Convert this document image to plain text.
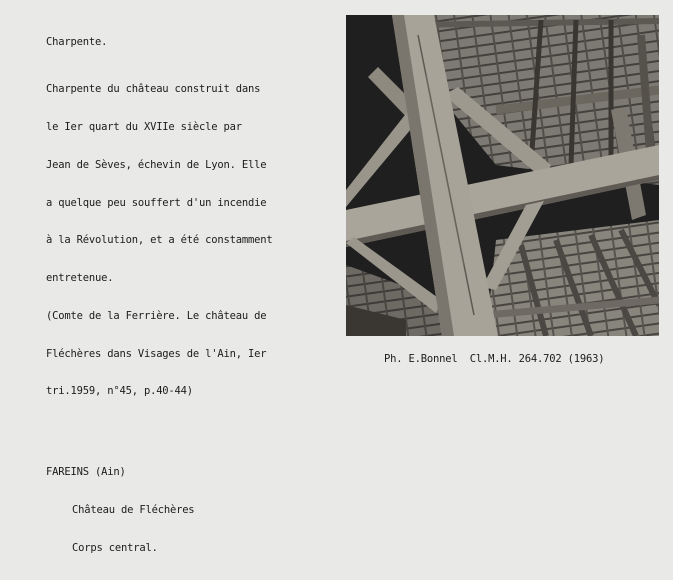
Charpente.

Charpente du château construit dans

le Ier quart du XVIIe siècle par

Jean de Sèves, échevin de Lyon. Elle

a quelque peu souffert d'un incendie

à la Révolution, et a été constamment

entretenue.

(Comte de la Ferrière. Le château de

Fléchères dans Visages de l'Ain, Ier

tri.1959, n°45, p.40-44)

Ph. E.Bonnel  Cl.M.H. 264.702 (1963)

FAREINS (Ain)

Château de Fléchères

Corps central.
